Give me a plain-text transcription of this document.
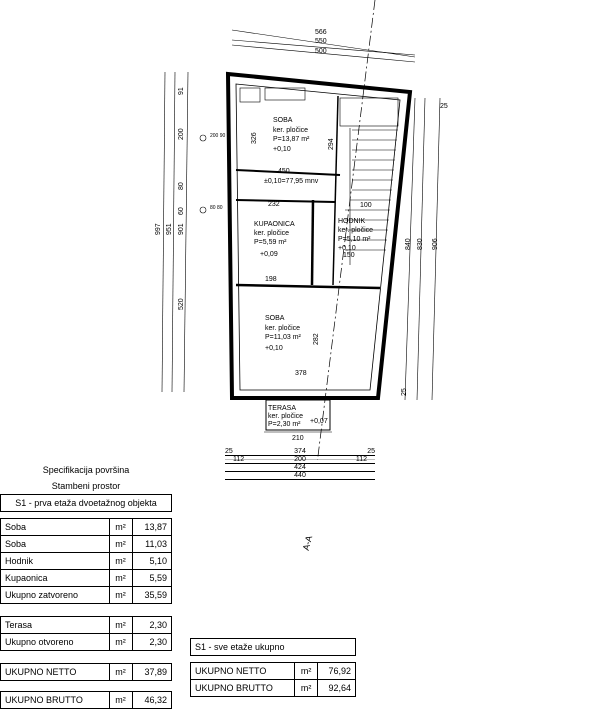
566
550
500
997 951 901
91
200
80
60
520
840 830 906
25
25
200 90
80 80
±0,10=77,95 mnv
SOBA
ker. pločice
P=13,87 m²
+0,10
KUPAONICA
ker. pločice
P=5,59 m²
+0,09
HODNIK
ker. pločice
P=5,10 m²
+0,10
SOBA
ker. pločice
P=11,03 m²
+0,10
450
232
198
378
294
282
100
150
326
TERASA
ker. pločice
P=2,30 m² +0,07
210
25	374	25
112	200	112
424
440
A-A
Specifikacija površina		
Stambeni prostor		
S1 - prva etaža dvoetažnog objekta		

Soba	m²	13,87
Soba	m²	11,03
Hodnik	m²	5,10
Kupaonica	m²	5,59
Ukupno zatvoreno	m²	35,59

Terasa	m²	2,30
Ukupno otvoreno	m²	2,30

UKUPNO NETTO	m²	37,89

UKUPNO BRUTTO	m²	46,32
S1 - sve etaže ukupno		

UKUPNO NETTO	m²	76,92
UKUPNO BRUTTO	m²	92,64
